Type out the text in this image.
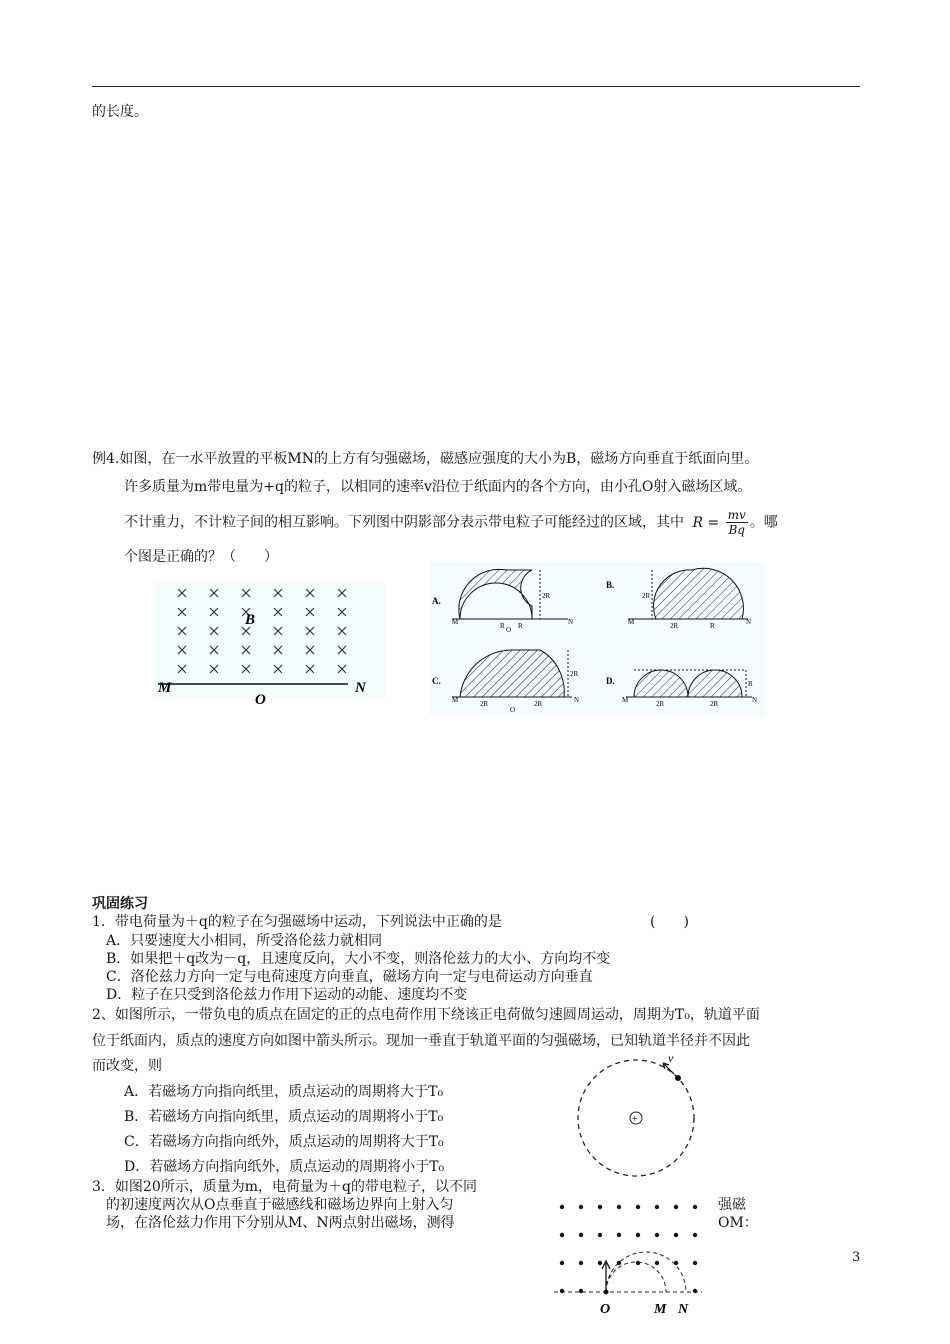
的长度。
例4.如图，在一水平放置的平板MN的上方有匀强磁场，磁感应强度的大小为B，磁场方向垂直于纸面向里。
许多质量为m带电量为+q的粒子，以相同的速率v沿位于纸面内的各个方向，由小孔O射入磁场区域。
不计重力，不计粒子间的相互影响。下列图中阴影部分表示带电粒子可能经过的区域，其中 $R = \frac{mv}{Bq}$ 。哪
个图是正确的？（　　）
B
M
O
N
A.	2R
R R
M
O
N
B.
2R
2R	R
M	N
C.
2R
2R	2R
M
O
N
D.	R
2R	2R
M	N
巩固练习
1．带电荷量为＋q的粒子在匀强磁场中运动，下列说法中正确的是	(　　)
A．只要速度大小相同，所受洛伦兹力就相同
B．如果把＋q改为－q，且速度反向，大小不变，则洛伦兹力的大小、方向均不变
C．洛伦兹力方向一定与电荷速度方向垂直，磁场方向一定与电荷运动方向垂直
D．粒子在只受到洛伦兹力作用下运动的动能、速度均不变
2、如图所示，一带负电的质点在固定的正的点电荷作用下绕该正电荷做匀速圆周运动，周期为T₀，轨道平面
位于纸面内，质点的速度方向如图中箭头所示。现加一垂直于轨道平面的匀强磁场，已知轨道半径并不因此
而改变，则
A．若磁场方向指向纸里，质点运动的周期将大于T₀
B．若磁场方向指向纸里，质点运动的周期将小于T₀
C．若磁场方向指向纸外，质点运动的周期将大于T₀
D．若磁场方向指向纸外，质点运动的周期将小于T₀
+
v
3．如图20所示，质量为m，电荷量为＋q的带电粒子，以不同
的初速度两次从O点垂直于磁感线和磁场边界向上射入匀
场，在洛伦兹力作用下分别从M、N两点射出磁场，测得
强磁
OM：
O	M N
3
